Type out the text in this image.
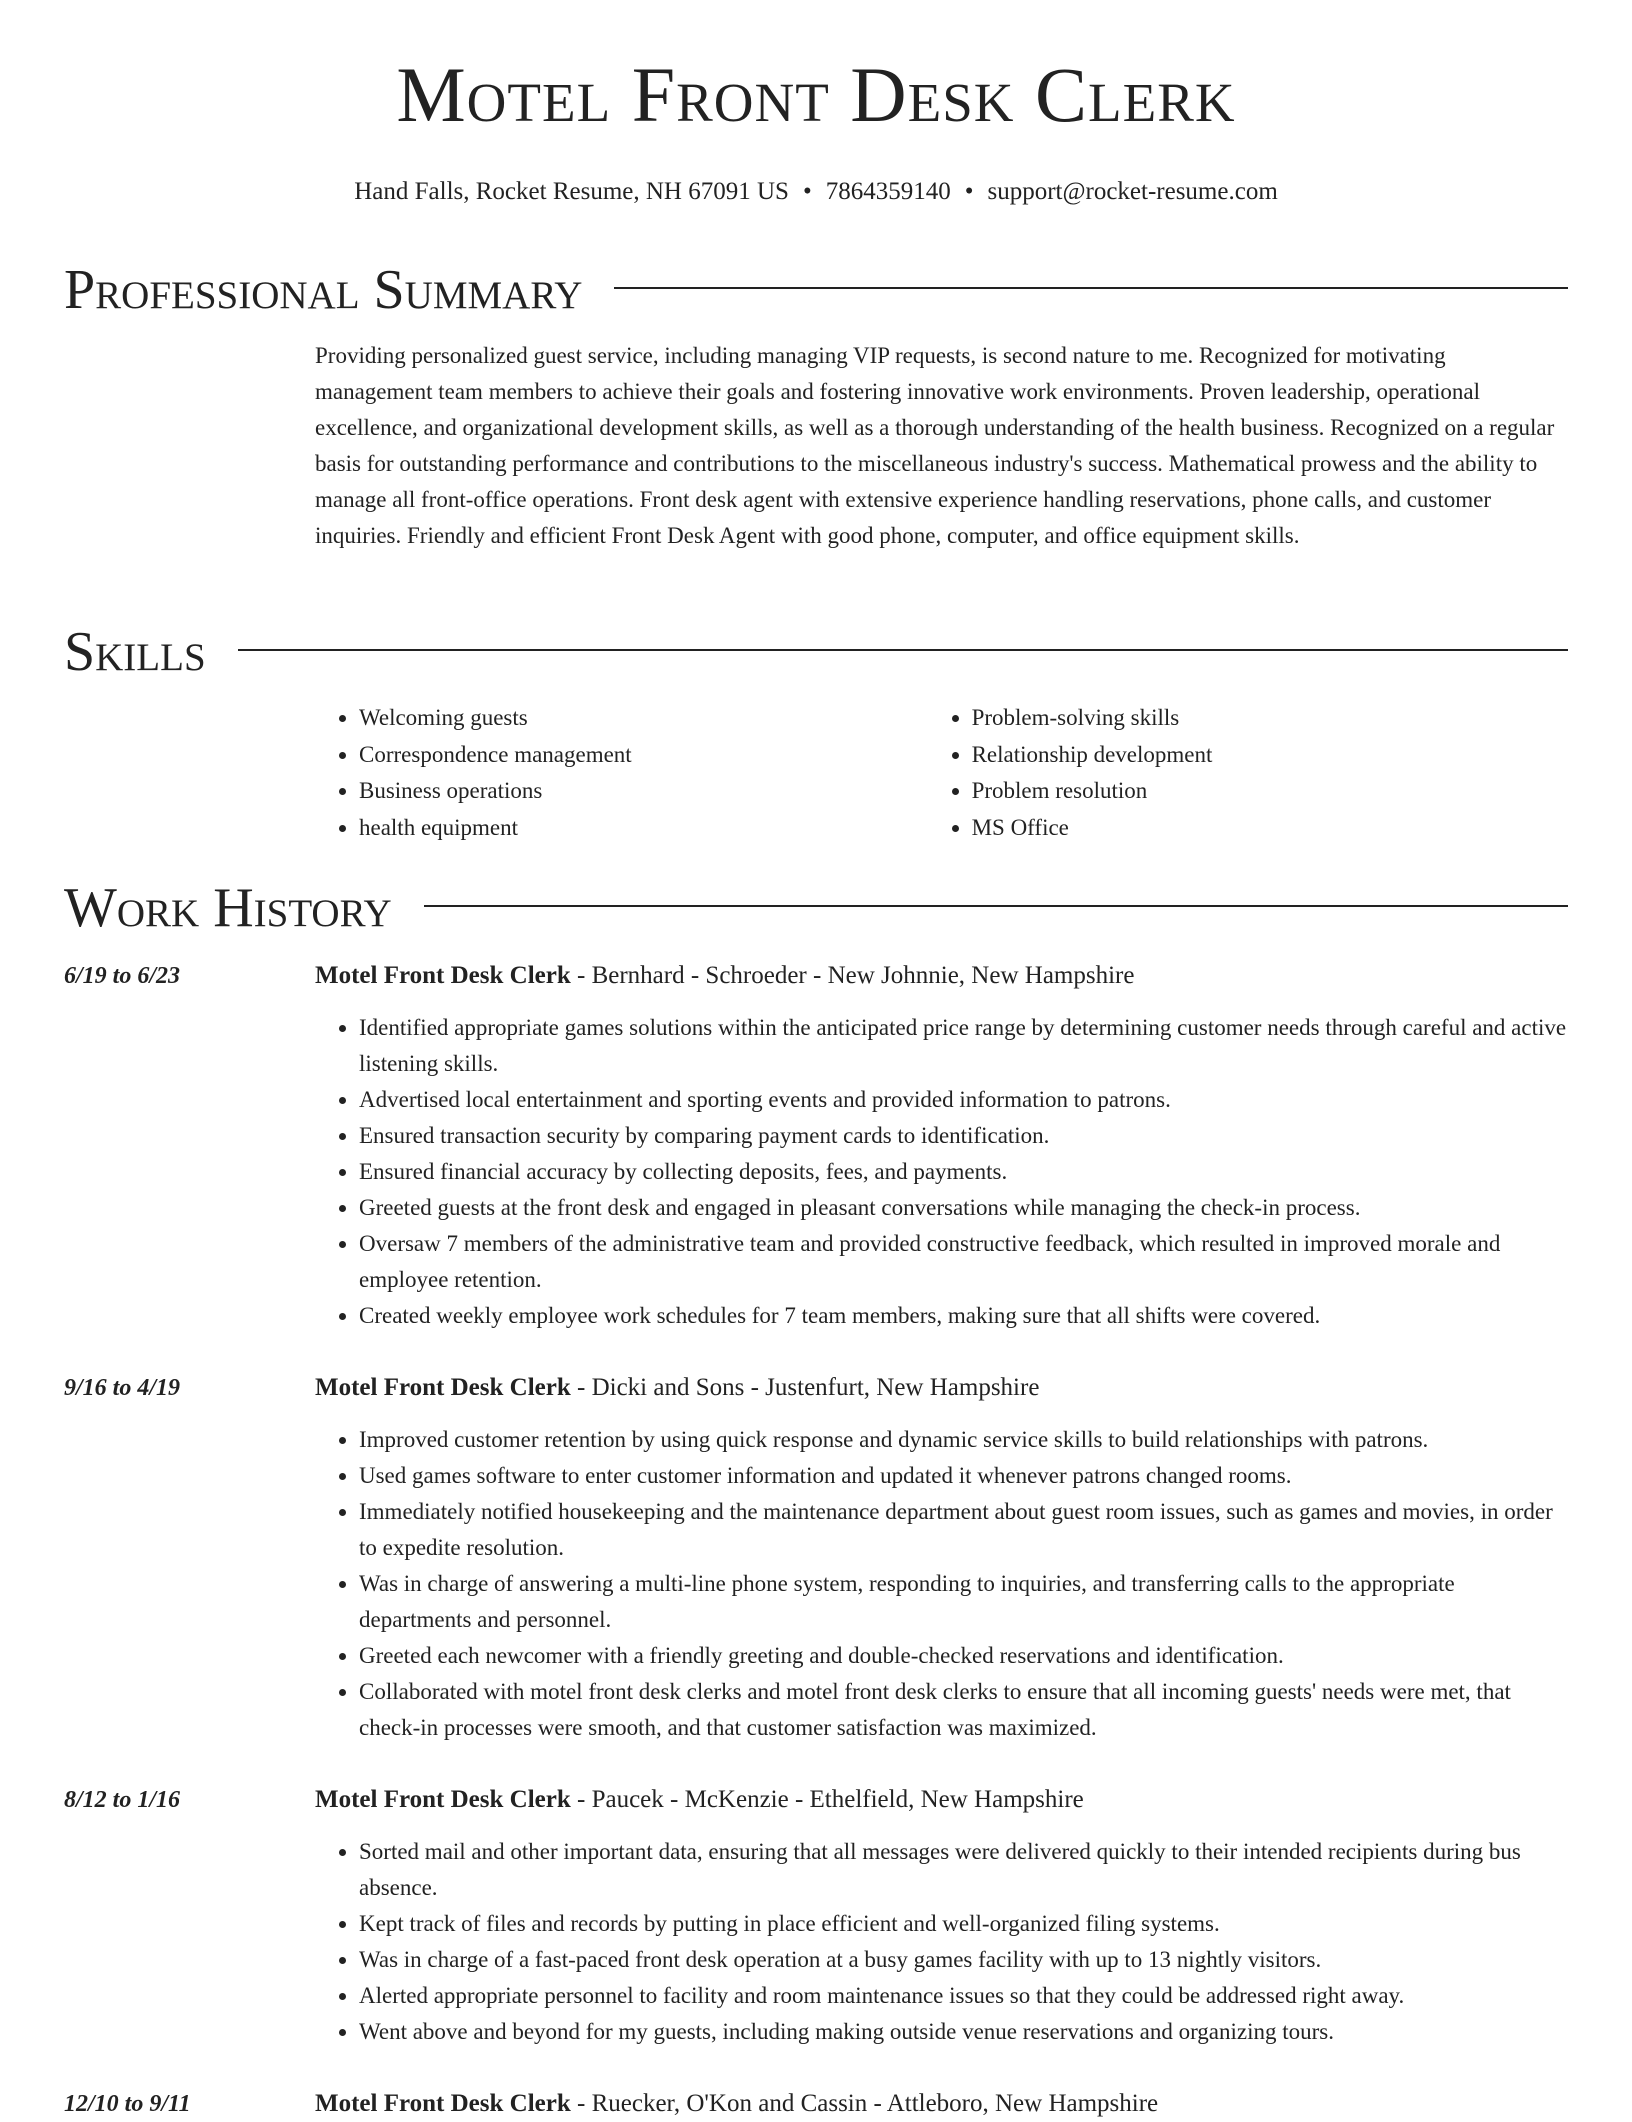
Motel Front Desk Clerk
Hand Falls, Rocket Resume, NH 67091 US • 7864359140 • support@rocket-resume.com
Professional Summary

Providing personalized guest service, including managing VIP requests, is second nature to me. Recognized for motivating management team members to achieve their goals and fostering innovative work environments. Proven leadership, operational excellence, and organizational development skills, as well as a thorough understanding of the health business. Recognized on a regular basis for outstanding performance and contributions to the miscellaneous industry's success. Mathematical prowess and the ability to manage all front-office operations. Front desk agent with extensive experience handling reservations, phone calls, and customer inquiries. Friendly and efficient Front Desk Agent with good phone, computer, and office equipment skills.

Skills
• Welcoming guests
• Correspondence management
• Business operations
• health equipment
• Problem-solving skills
• Relationship development
• Problem resolution
• MS Office
Work History
6/19 to 6/23	Motel Front Desk Clerk - Bernhard - Schroeder - New Johnnie, New Hampshire
• Identified appropriate games solutions within the anticipated price range by determining customer needs through careful and active listening skills.
• Advertised local entertainment and sporting events and provided information to patrons.
• Ensured transaction security by comparing payment cards to identification.
• Ensured financial accuracy by collecting deposits, fees, and payments.
• Greeted guests at the front desk and engaged in pleasant conversations while managing the check-in process.
• Oversaw 7 members of the administrative team and provided constructive feedback, which resulted in improved morale and employee retention.
• Created weekly employee work schedules for 7 team members, making sure that all shifts were covered.
9/16 to 4/19	Motel Front Desk Clerk - Dicki and Sons - Justenfurt, New Hampshire
• Improved customer retention by using quick response and dynamic service skills to build relationships with patrons.
• Used games software to enter customer information and updated it whenever patrons changed rooms.
• Immediately notified housekeeping and the maintenance department about guest room issues, such as games and movies, in order to expedite resolution.
• Was in charge of answering a multi-line phone system, responding to inquiries, and transferring calls to the appropriate departments and personnel.
• Greeted each newcomer with a friendly greeting and double-checked reservations and identification.
• Collaborated with motel front desk clerks and motel front desk clerks to ensure that all incoming guests' needs were met, that check-in processes were smooth, and that customer satisfaction was maximized.
8/12 to 1/16	Motel Front Desk Clerk - Paucek - McKenzie - Ethelfield, New Hampshire
• Sorted mail and other important data, ensuring that all messages were delivered quickly to their intended recipients during bus absence.
• Kept track of files and records by putting in place efficient and well-organized filing systems.
• Was in charge of a fast-paced front desk operation at a busy games facility with up to 13 nightly visitors.
• Alerted appropriate personnel to facility and room maintenance issues so that they could be addressed right away.
• Went above and beyond for my guests, including making outside venue reservations and organizing tours.
12/10 to 9/11	Motel Front Desk Clerk - Ruecker, O'Kon and Cassin - Attleboro, New Hampshire
